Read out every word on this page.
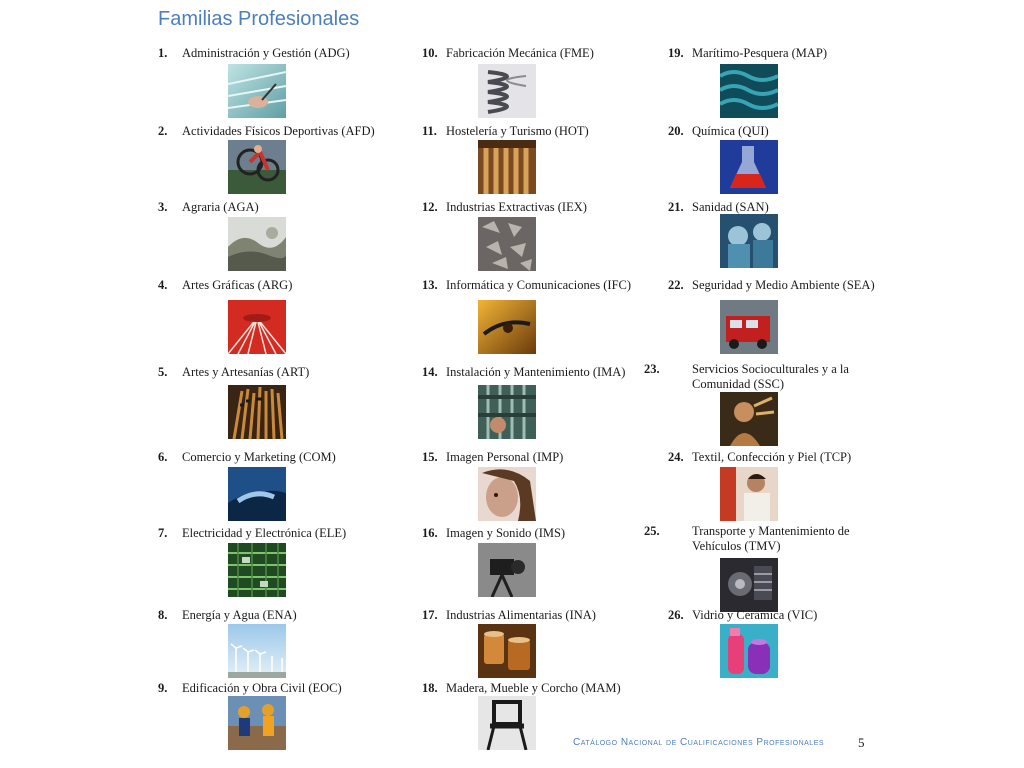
Familias Profesionales
1. Administración y Gestión (ADG)
2. Actividades Físicos Deportivas (AFD)
3. Agraria (AGA)
4. Artes Gráficas (ARG)
5. Artes y Artesanías (ART)
6. Comercio y Marketing (COM)
7. Electricidad y Electrónica (ELE)
8. Energía y Agua (ENA)
9. Edificación y Obra Civil (EOC)
10. Fabricación Mecánica (FME)
11. Hostelería y Turismo (HOT)
12. Industrias Extractivas (IEX)
13. Informática y Comunicaciones (IFC)
14. Instalación y Mantenimiento (IMA)
15. Imagen Personal (IMP)
16. Imagen y Sonido (IMS)
17. Industrias Alimentarias (INA)
18. Madera, Mueble y Corcho (MAM)
19. Marítimo-Pesquera (MAP)
20. Química (QUI)
21. Sanidad (SAN)
22. Seguridad y Medio Ambiente (SEA)
23.	Servicios Socioculturales y a la Comunidad (SSC)
24. Textil, Confección y Piel (TCP)
25.	Transporte y Mantenimiento de Vehículos (TMV)
26. Vidrio y Cerámica (VIC)
Catálogo Nacional de Cualificaciones Profesionales	5
